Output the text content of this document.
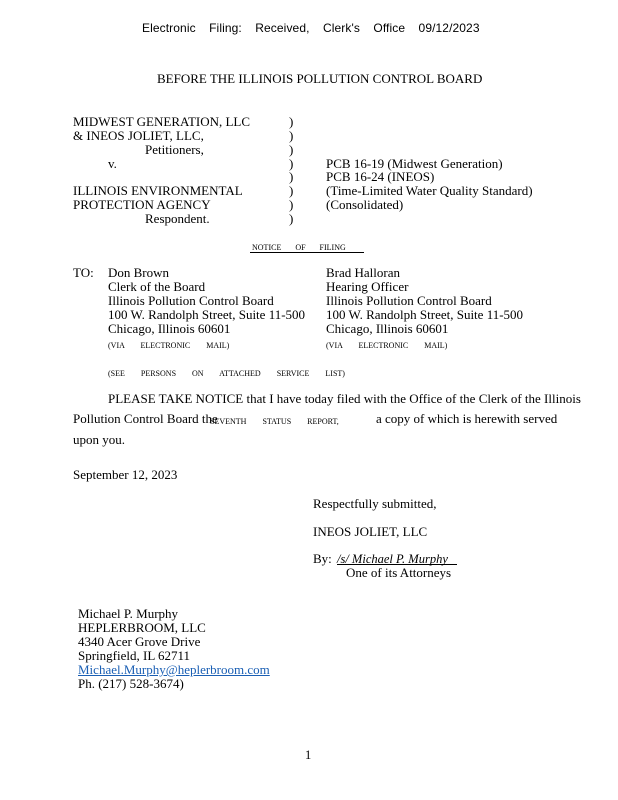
Electronic Filing: Received, Clerk's Office 09/12/2023
BEFORE THE ILLINOIS POLLUTION CONTROL BOARD
MIDWEST GENERATION, LLC
& INEOS JOLIET, LLC,
Petitioners,
v.
ILLINOIS ENVIRONMENTAL
PROTECTION AGENCY
Respondent.
)
)
)
)
)
)
)
)
PCB 16-19 (Midwest Generation)
PCB 16-24 (INEOS)
(Time-Limited Water Quality Standard)
(Consolidated)
NOTICE OF FILING
TO: Don Brown
Clerk of the Board
Illinois Pollution Control Board
100 W. Randolph Street, Suite 11-500
Chicago, Illinois 60601
(VIA ELECTRONIC MAIL)
Brad Halloran
Hearing Officer
Illinois Pollution Control Board
100 W. Randolph Street, Suite 11-500
Chicago, Illinois 60601
(VIA ELECTRONIC MAIL)
(SEE PERSONS ON ATTACHED SERVICE LIST)
PLEASE TAKE NOTICE that I have today filed with the Office of the Clerk of the Illinois
Pollution Control Board the
SEVENTH STATUS REPORT,	a copy of which is herewith served
upon you.
September 12, 2023
Respectfully submitted,
INEOS JOLIET, LLC
By: /s/ Michael P. Murphy
One of its Attorneys
Michael P. Murphy
HEPLERBROOM, LLC
4340 Acer Grove Drive
Springfield, IL 62711
Michael.Murphy@heplerbroom.com
Ph. (217) 528-3674)
1
